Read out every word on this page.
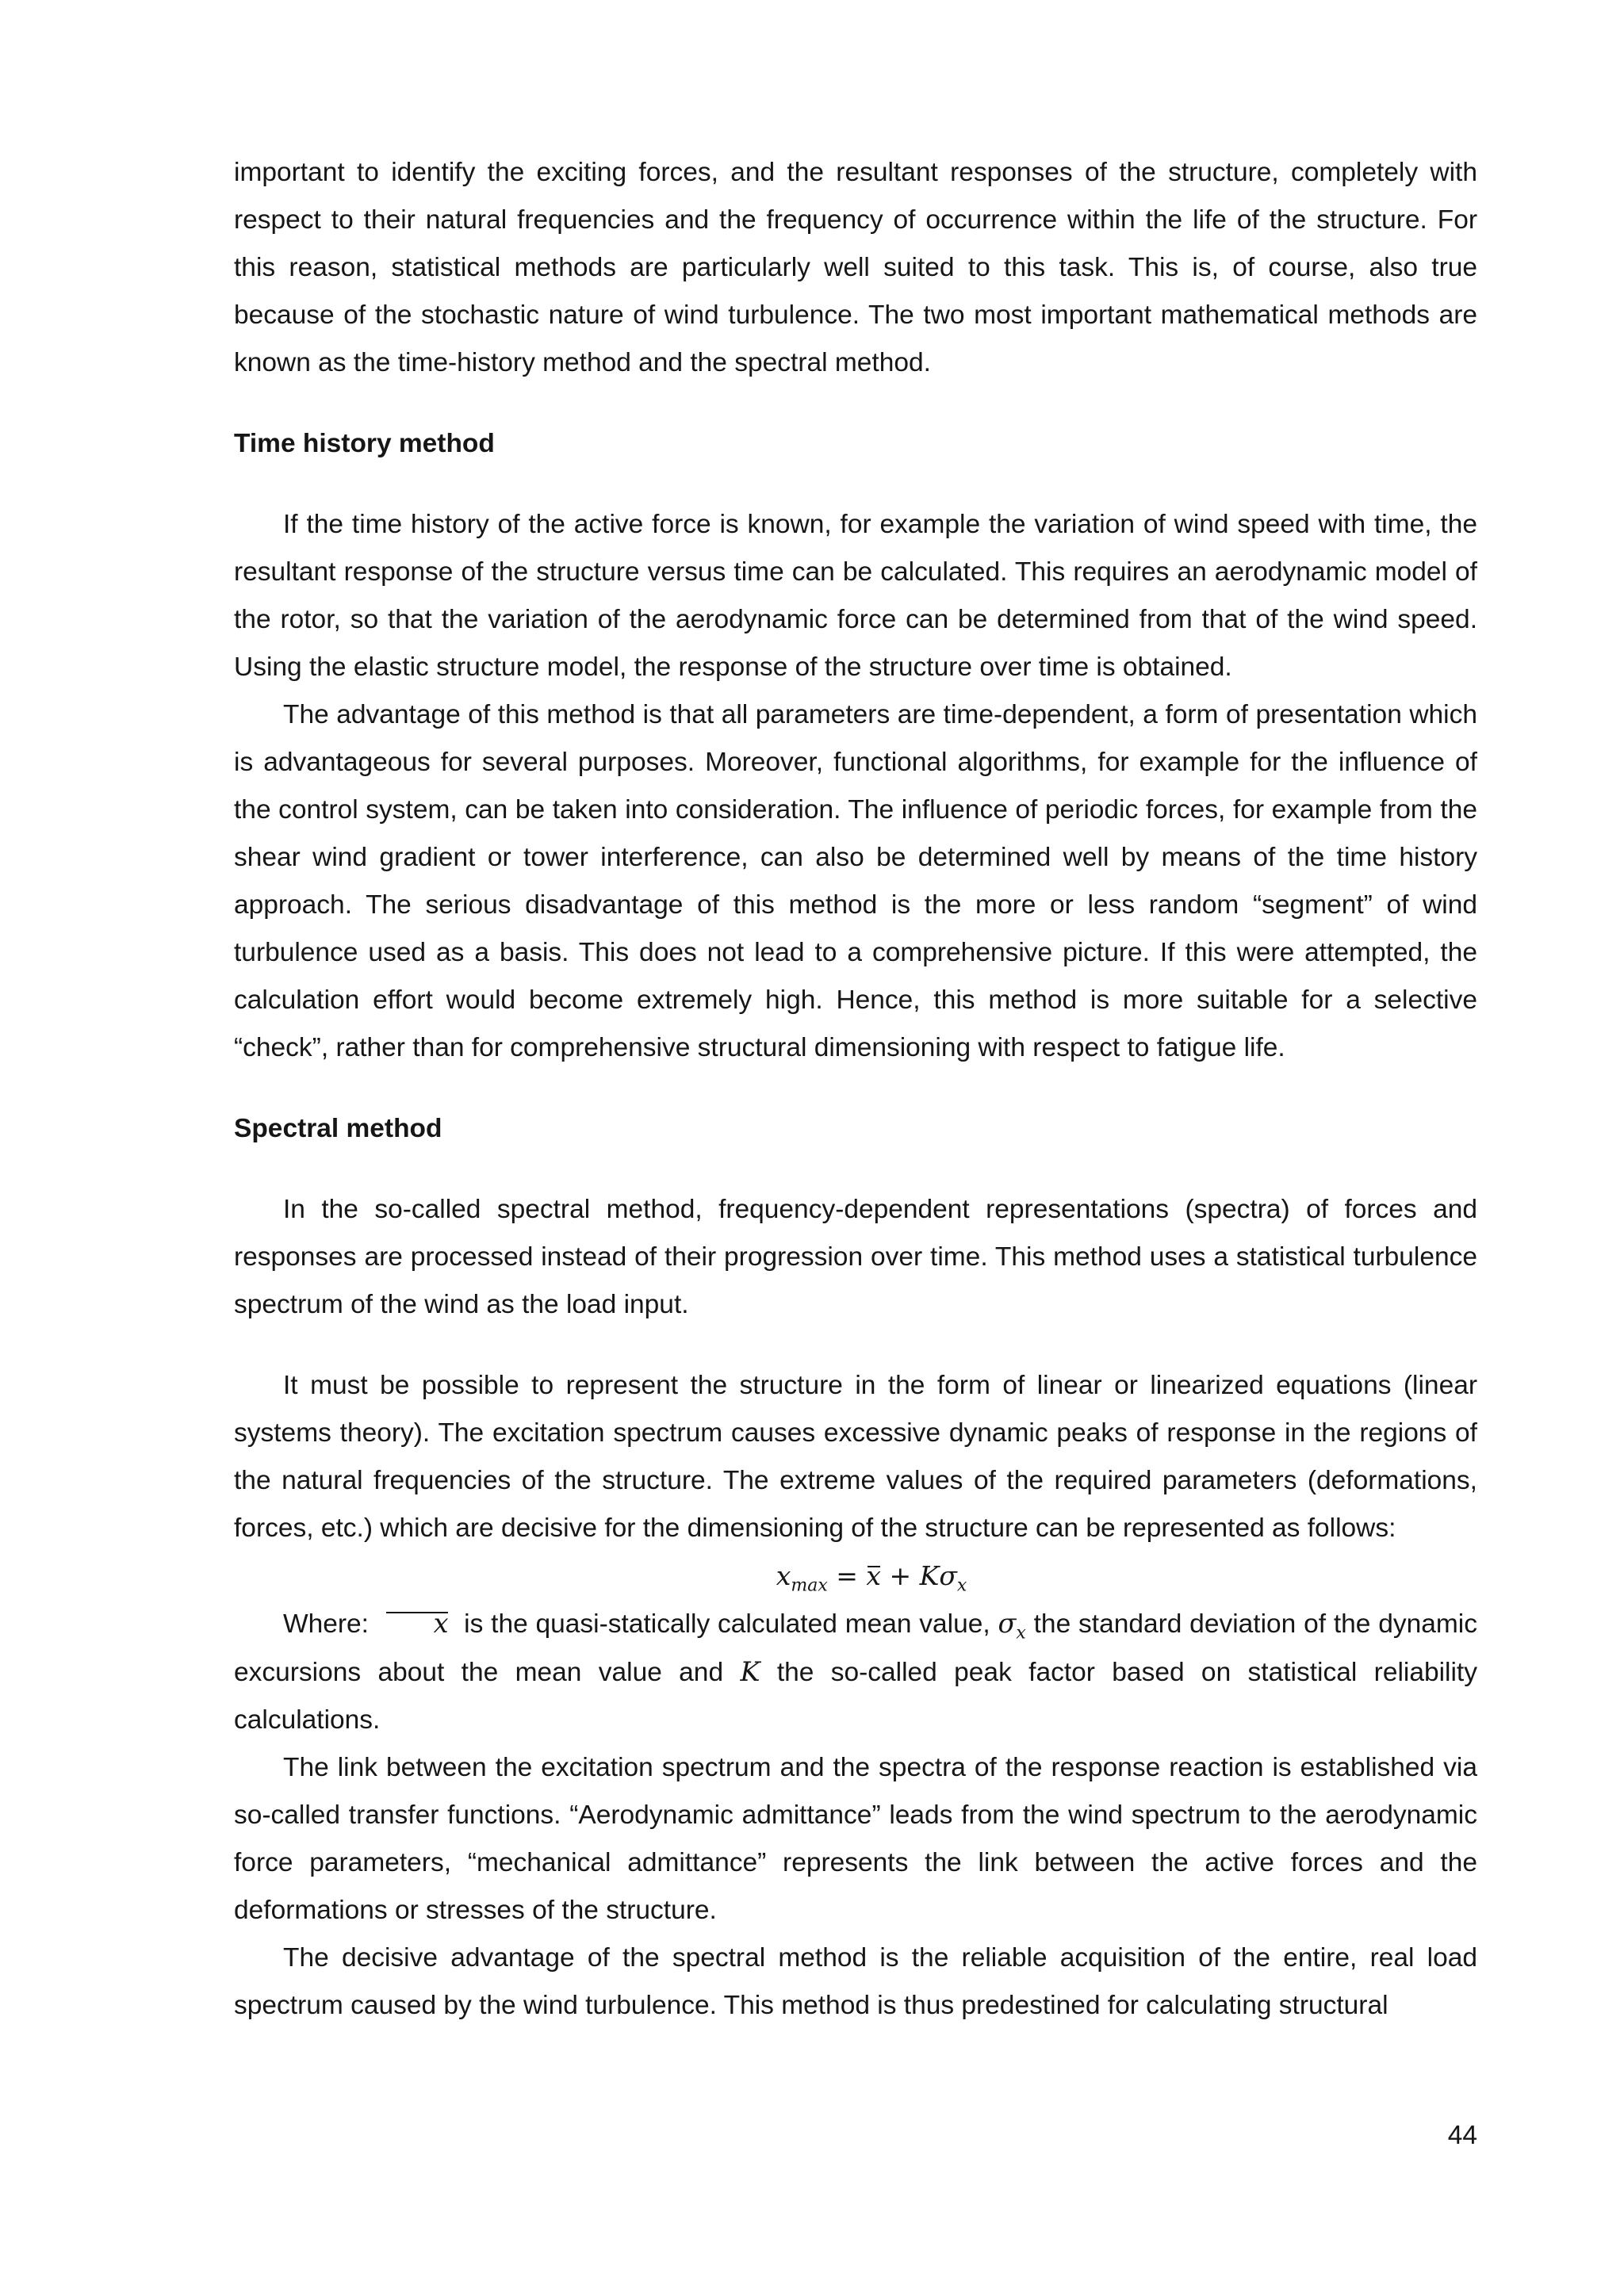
important to identify the exciting forces, and the resultant responses of the structure, completely with respect to their natural frequencies and the frequency of occurrence within the life of the structure. For this reason, statistical methods are particularly well suited to this task. This is, of course, also true because of the stochastic nature of wind turbulence. The two most important mathematical methods are known as the time-history method and the spectral method.

Time history method

If the time history of the active force is known, for example the variation of wind speed with time, the resultant response of the structure versus time can be calculated. This requires an aerodynamic model of the rotor, so that the variation of the aerodynamic force can be determined from that of the wind speed. Using the elastic structure model, the response of the structure over time is obtained.

The advantage of this method is that all parameters are time-dependent, a form of presentation which is advantageous for several purposes. Moreover, functional algorithms, for example for the influence of the control system, can be taken into consideration. The influence of periodic forces, for example from the shear wind gradient or tower interference, can also be determined well by means of the time history approach. The serious disadvantage of this method is the more or less random “segment” of wind turbulence used as a basis. This does not lead to a comprehensive picture. If this were attempted, the calculation effort would become extremely high. Hence, this method is more suitable for a selective “check”, rather than for comprehensive structural dimensioning with respect to fatigue life.

Spectral method

In the so-called spectral method, frequency-dependent representations (spectra) of forces and responses are processed instead of their progression over time. This method uses a statistical turbulence spectrum of the wind as the load input.

It must be possible to represent the structure in the form of linear or linearized equations (linear systems theory). The excitation spectrum causes excessive dynamic peaks of response in the regions of the natural frequencies of the structure. The extreme values of the required parameters (deformations, forces, etc.) which are decisive for the dimensioning of the structure can be represented as follows:

$x_{max} = x + K\sigma_x$

Where: x is the quasi-statically calculated mean value, $\sigma_x$ the standard deviation of the dynamic excursions about the mean value and K the so-called peak factor based on statistical reliability calculations.

The link between the excitation spectrum and the spectra of the response reaction is established via so-called transfer functions. “Aerodynamic admittance” leads from the wind spectrum to the aerodynamic force parameters, “mechanical admittance” represents the link between the active forces and the deformations or stresses of the structure.

The decisive advantage of the spectral method is the reliable acquisition of the entire, real load spectrum caused by the wind turbulence. This method is thus predestined for calculating structural

44
